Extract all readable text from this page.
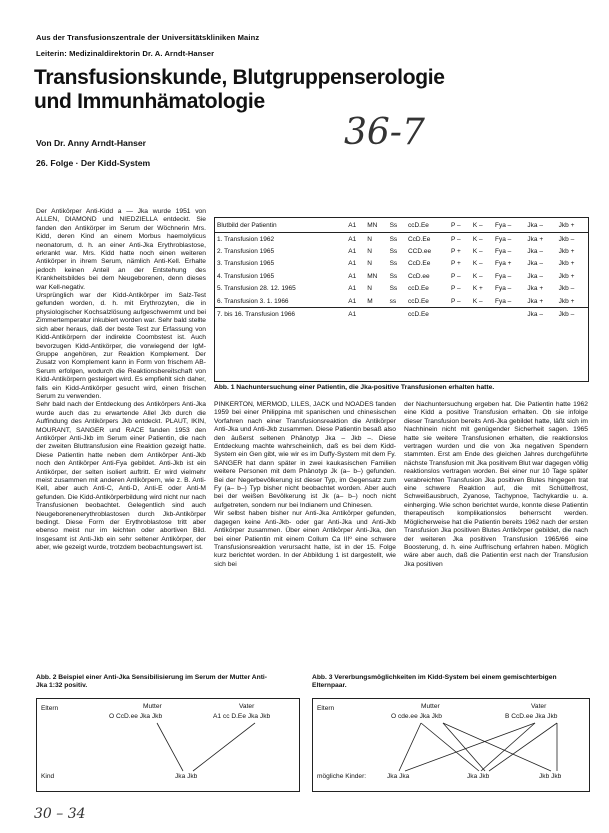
Aus der Transfusionszentrale der Universitätskliniken Mainz
Leiterin: Medizinaldirektorin Dr. A. Arndt-Hanser
Transfusionskunde, Blutgruppenserologie
und Immunhämatologie
36-7
Von Dr. Anny Arndt-Hanser
26. Folge · Der Kidd-System

Der Antikörper Anti-Kidd a — Jka wurde 1951 von ALLEN, DIAMOND und NIEDZIELLA entdeckt. Sie fanden den Antikörper im Serum der Wöchnerin Mrs. Kidd, deren Kind an einem Morbus haemolyticus neonatorum, d. h. an einer Anti-Jka Erythroblastose, erkrankt war. Mrs. Kidd hatte noch einen weiteren Antikörper in ihrem Serum, nämlich Anti-Kell. Erhalte jedoch keinen Anteil an der Entstehung des Krankheitsbildes bei dem Neugeborenen, denn dieses war Kell-negativ.

Ursprünglich war der Kidd-Antikörper im Salz-Test gefunden worden, d. h. mit Erythrozyten, die in physiologischer Kochsalzlösung aufgeschwemmt und bei Zimmertemperatur inkubiert worden war. Sehr bald stellte sich aber heraus, daß der beste Test zur Erfassung von Kidd-Antikörpern der indirekte Coombstest ist. Auch bevorzugen Kidd-Antikörper, die vorwiegend der IgM-Gruppe angehören, zur Reaktion Komplement. Der Zusatz von Komplement kann in Form von frischem AB-Serum erfolgen, wodurch die Reaktionsbereitschaft von Kidd-Antikörpern gesteigert wird. Es empfiehlt sich daher, falls ein Kidd-Antikörper gesucht wird, einen frischen Serum zu verwenden.

Sehr bald nach der Entdeckung des Antikörpers Anti-Jka wurde auch das zu erwartende Allel Jkb durch die Auffindung des Antikörpers Jkb entdeckt. PLAUT, IKIN, MOURANT, SANGER und RACE fanden 1953 den Antikörper Anti-Jkb im Serum einer Patientin, die nach der zweiten Bluttransfusion eine Reaktion gezeigt hatte. Diese Patientin hatte neben dem Antikörper Anti-Jkb noch den Antikörper Anti-Fya gebildet. Anti-Jkb ist ein Antikörper, der selten isoliert auftritt. Er wird vielmehr meist zusammen mit anderen Antikörpern, wie z. B. Anti-Kell, aber auch Anti-C, Anti-D, Anti-E oder Anti-M gefunden. Die Kidd-Antikörperbildung wird nicht nur nach Transfusionen beobachtet. Gelegentlich sind auch Neugeborenenerythroblastosen durch Jkb-Antikörper bedingt. Diese Form der Erythroblastose tritt aber ebenso meist nur im leichten oder abortiven Bild. Insgesamt ist Anti-Jkb ein sehr seltener Antikörper, der aber, wie gezeigt wurde, trotzdem beobachtungswert ist.

Blutbild der Patientin	A1	MN	Ss	ccD.Ee	P –	K –	Fya –	Jka –	Jkb +
1. Transfusion 1962	A1	N	Ss	CcD.Ee	P –	K –	Fya –	Jka +	Jkb –
2. Transfusion 1965	A1	N	Ss	CCD.ee	P +	K –	Fya –	Jka –	Jkb +
3. Transfusion 1965	A1	N	Ss	CcD.Ee	P +	K –	Fya +	Jka –	Jkb +
4. Transfusion 1965	A1	MN	Ss	CcD.ee	P –	K –	Fya –	Jka –	Jkb +
5. Transfusion 28. 12. 1965	A1	N	Ss	ccD.Ee	P –	K +	Fya –	Jka +	Jkb –
6. Transfusion 3. 1. 1966	A1	M	ss	ccD.Ee	P –	K –	Fya –	Jka +	Jkb +
7. bis 16. Transfusion 1966	A1			ccD.Ee				Jka –	Jkb –
Abb. 1 Nachuntersuchung einer Patientin, die Jka-positive Transfusionen erhalten hatte.

PINKERTON, MERMOD, LILES, JACK und NOADES fanden 1959 bei einer Philippina mit spanischen und chinesischen Vorfahren nach einer Transfusionsreaktion die Antikörper Anti-Jka und Anti-Jkb zusammen. Diese Patientin besaß also den äußerst seltenen Phänotyp Jka – Jkb –. Diese Entdeckung machte wahrscheinlich, daß es bei dem Kidd-System ein Gen gibt, wie wir es im Duffy-System mit dem Fy. SANGER hat dann später in zwei kaukasischen Familien weitere Personen mit dem Phänotyp Jk (a– b–) gefunden. Bei der Negerbevölkerung ist dieser Typ, im Gegensatz zum Fy (a– b–) Typ bisher nicht beobachtet worden. Aber auch bei der weißen Bevölkerung ist Jk (a– b–) noch nicht aufgetreten, sondern nur bei Indianern und Chinesen.

Wir selbst haben bisher nur Anti-Jka Antikörper gefunden, dagegen keine Anti-Jkb- oder gar Anti-Jka und Anti-Jkb Antikörper zusammen. Über einen Antikörper Anti-Jka, den bei einer Patientin mit einem Collum Ca IIIº eine schwere Transfusionsreaktion verursacht hatte, ist in der 15. Folge kurz berichtet worden. In der Abbildung 1 ist dargestellt, wie sich bei

der Nachuntersuchung ergeben hat. Die Patientin hatte 1962 eine Kidd a positive Transfusion erhalten. Ob sie infolge dieser Transfusion bereits Anti-Jka gebildet hatte, läßt sich im Nachhinein nicht mit genügender Sicherheit sagen. 1965 hatte sie weitere Transfusionen erhalten, die reaktionslos vertragen wurden und die von Jka negativen Spendern stammten. Erst am Ende des gleichen Jahres durchgeführte nächste Transfusion mit Jka positivem Blut war dagegen völlig reaktionslos vertragen worden. Bei einer nur 10 Tage später verabreichten Transfusion Jka positiven Blutes hingegen trat eine schwere Reaktion auf, die mit Schüttelfrost, Schweißausbruch, Zyanose, Tachypnoe, Tachykardie u. a. einherging. Wie schon berichtet wurde, konnte diese Patientin therapeutisch komplikationslos beherrscht werden. Möglicherweise hat die Patientin bereits 1962 nach der ersten Transfusion Jka positiven Blutes Antikörper gebildet, die nach der weiteren Jka positiven Transfusion 1965/66 eine Boosterung, d. h. eine Auffrischung erfahren haben. Möglich wäre aber auch, daß die Patientin erst nach der Transfusion Jka positiven

Abb. 2 Beispiel einer Anti-Jka Sensibilisierung im Serum der Mutter Anti-Jka 1:32 positiv.
Eltern	Mutter
O CcD.ee Jka Jkb
Vater
A1 cc D.Ee Jka Jkb
Kind	Jka Jkb
Abb. 3 Vererbungsmöglichkeiten im Kidd-System bei einem gemischterbigen Elternpaar.
Eltern	Mutter
O cde.ee Jka Jkb
Vater
B CcD.ee Jka Jkb
mögliche Kinder:	Jka Jka	Jka Jkb	Jkb Jkb
30 – 34
